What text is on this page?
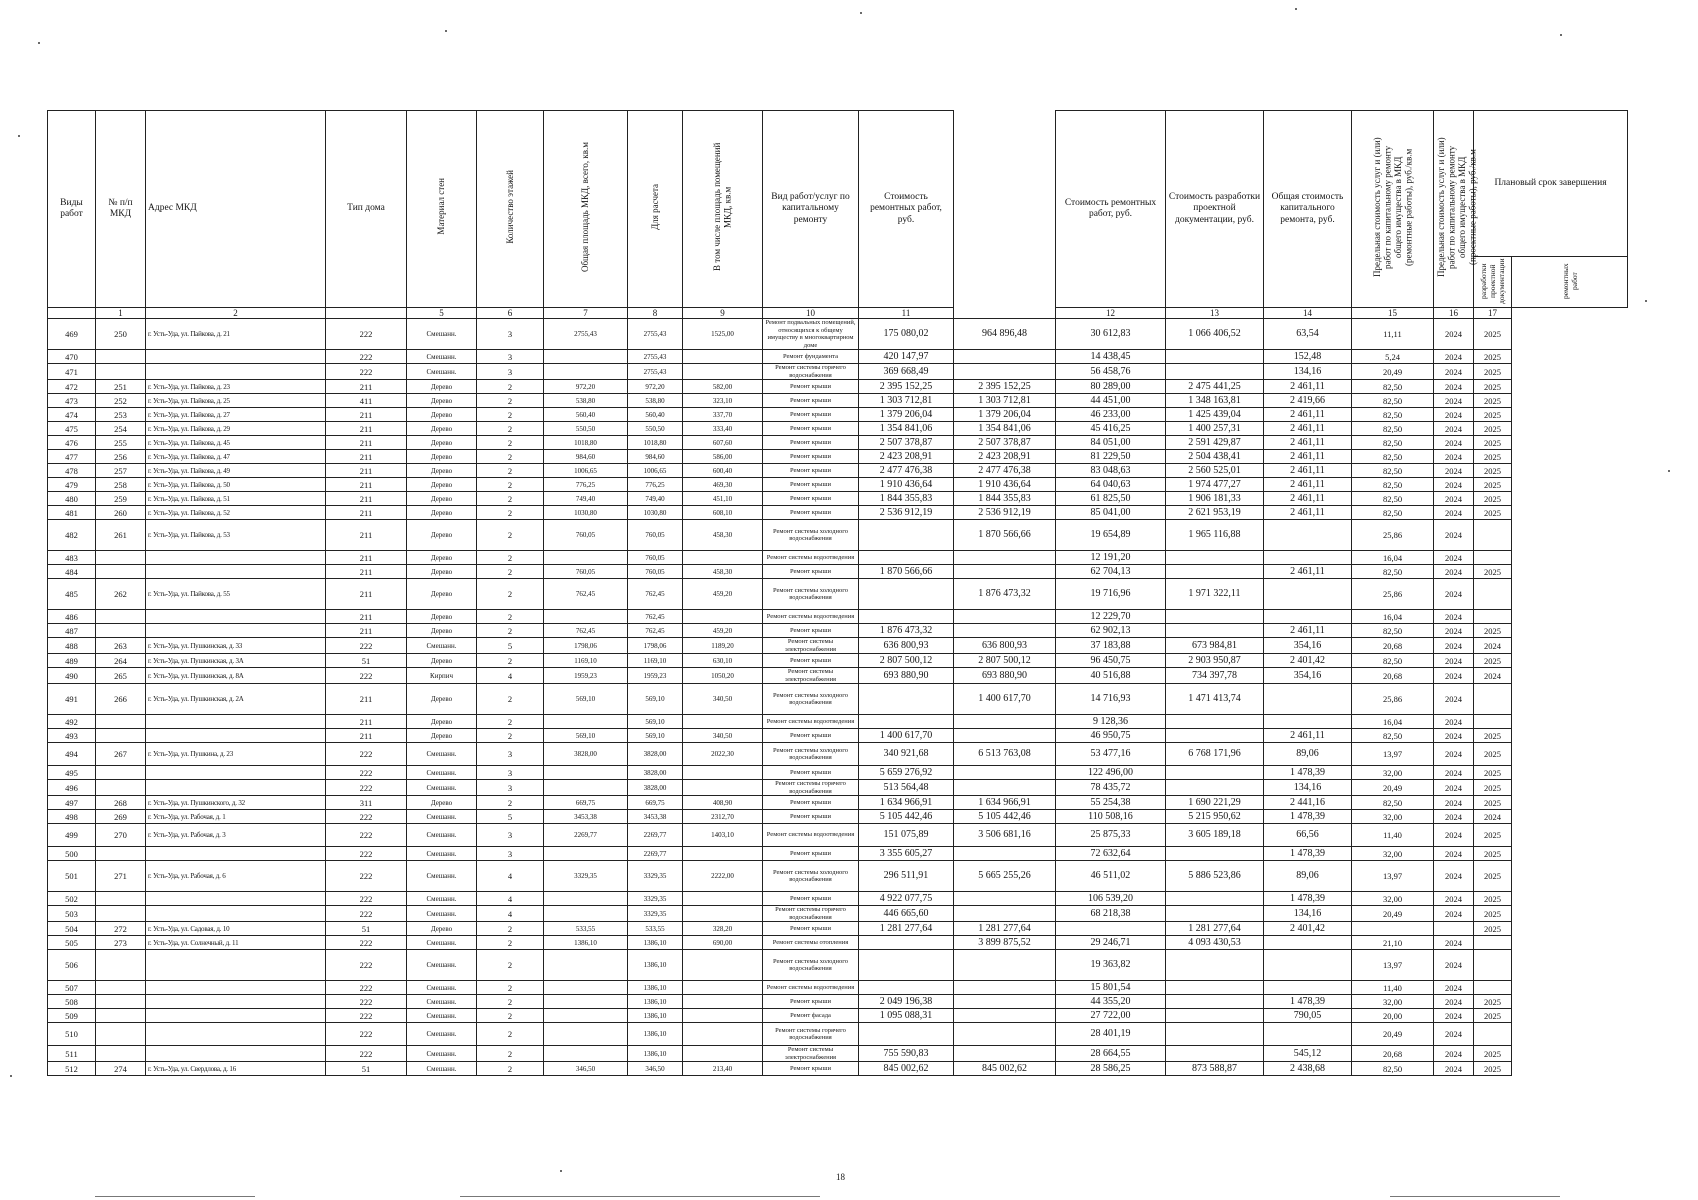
Виды работ	№ п/п МКД	Адрес МКД	Тип дома	Материал стен	Количество этажей	Общая площадь МКД, всего, кв.м	Для расчета		В том числе площадь помещений МКД, кв.м	Вид работ/услуг по капитальному ремонту	Стоимость ремонтных работ, руб.		Стоимость ремонтных работ, руб.	Стоимость разработки проектной документации, руб.	Общая стоимость капитального ремонта, руб.	Предельная стоимость услуг и (или) работ по капитальному ремонту общего имущества в МКД (ремонтные работы), руб./кв.м	Предельная стоимость услуг и (или) работ по капитальному ремонту общего имущества в МКД (проектные работы), руб./кв.м	Плановый срок завершения	
																	разработки проектной документации	ремонтных работ
	1	2		5	6	7	8		9	10	11		12	13	14	15	16	17	
469	250	г. Усть-Уда, ул. Пайкова, д. 21	222	Смешанн.	3	2755,43	2755,43		1525,00	Ремонт подвальных помещений, относящихся к общему имуществу в многоквартирном доме	175 080,02	964 896,48	30 612,83	1 066 406,52	63,54	11,11	2024	2025	
470			222	Смешанн.	3		2755,43			Ремонт фундамента	420 147,97		14 438,45		152,48	5,24	2024	2025	
471			222	Смешанн.	3		2755,43			Ремонт системы горячего водоснабжения	369 668,49		56 458,76		134,16	20,49	2024	2025	
472	251	г. Усть-Уда, ул. Пайкова, д. 23	211	Дерево	2	972,20	972,20		582,00	Ремонт крыши	2 395 152,25	2 395 152,25	80 289,00	2 475 441,25	2 461,11	82,50	2024	2025	
473	252	г. Усть-Уда, ул. Пайкова, д. 25	411	Дерево	2	538,80	538,80		323,10	Ремонт крыши	1 303 712,81	1 303 712,81	44 451,00	1 348 163,81	2 419,66	82,50	2024	2025	
474	253	г. Усть-Уда, ул. Пайкова, д. 27	211	Дерево	2	560,40	560,40		337,70	Ремонт крыши	1 379 206,04	1 379 206,04	46 233,00	1 425 439,04	2 461,11	82,50	2024	2025	
475	254	г. Усть-Уда, ул. Пайкова, д. 29	211	Дерево	2	550,50	550,50		333,40	Ремонт крыши	1 354 841,06	1 354 841,06	45 416,25	1 400 257,31	2 461,11	82,50	2024	2025	
476	255	г. Усть-Уда, ул. Пайкова, д. 45	211	Дерево	2	1018,80	1018,80		607,60	Ремонт крыши	2 507 378,87	2 507 378,87	84 051,00	2 591 429,87	2 461,11	82,50	2024	2025	
477	256	г. Усть-Уда, ул. Пайкова, д. 47	211	Дерево	2	984,60	984,60		586,00	Ремонт крыши	2 423 208,91	2 423 208,91	81 229,50	2 504 438,41	2 461,11	82,50	2024	2025	
478	257	г. Усть-Уда, ул. Пайкова, д. 49	211	Дерево	2	1006,65	1006,65		600,40	Ремонт крыши	2 477 476,38	2 477 476,38	83 048,63	2 560 525,01	2 461,11	82,50	2024	2025	
479	258	г. Усть-Уда, ул. Пайкова, д. 50	211	Дерево	2	776,25	776,25		469,30	Ремонт крыши	1 910 436,64	1 910 436,64	64 040,63	1 974 477,27	2 461,11	82,50	2024	2025	
480	259	г. Усть-Уда, ул. Пайкова, д. 51	211	Дерево	2	749,40	749,40		451,10	Ремонт крыши	1 844 355,83	1 844 355,83	61 825,50	1 906 181,33	2 461,11	82,50	2024	2025	
481	260	г. Усть-Уда, ул. Пайкова, д. 52	211	Дерево	2	1030,80	1030,80		608,10	Ремонт крыши	2 536 912,19	2 536 912,19	85 041,00	2 621 953,19	2 461,11	82,50	2024	2025	
482	261	г. Усть-Уда, ул. Пайкова, д. 53	211	Дерево	2	760,05	760,05		458,30	Ремонт системы холодного водоснабжения		1 870 566,66	19 654,89	1 965 116,88		25,86	2024		
483			211	Дерево	2		760,05			Ремонт системы водоотведения			12 191,20			16,04	2024		
484			211	Дерево	2	760,05	760,05		458,30	Ремонт крыши	1 870 566,66		62 704,13		2 461,11	82,50	2024	2025	
485	262	г. Усть-Уда, ул. Пайкова, д. 55	211	Дерево	2	762,45	762,45		459,20	Ремонт системы холодного водоснабжения		1 876 473,32	19 716,96	1 971 322,11		25,86	2024		
486			211	Дерево	2		762,45			Ремонт системы водоотведения			12 229,70			16,04	2024		
487			211	Дерево	2	762,45	762,45		459,20	Ремонт крыши	1 876 473,32		62 902,13		2 461,11	82,50	2024	2025	
488	263	г. Усть-Уда, ул. Пушкинская, д. 33	222	Смешанн.	5	1798,06	1798,06		1189,20	Ремонт системы электроснабжения	636 800,93	636 800,93	37 183,88	673 984,81	354,16	20,68	2024	2024	
489	264	г. Усть-Уда, ул. Пушкинская, д. 3А	51	Дерево	2	1169,10	1169,10		630,10	Ремонт крыши	2 807 500,12	2 807 500,12	96 450,75	2 903 950,87	2 401,42	82,50	2024	2025	
490	265	г. Усть-Уда, ул. Пушкинская, д. 8А	222	Кирпич	4	1959,23	1959,23		1050,20	Ремонт системы электроснабжения	693 880,90	693 880,90	40 516,88	734 397,78	354,16	20,68	2024	2024	
491	266	г. Усть-Уда, ул. Пушкинская, д. 2А	211	Дерево	2	569,10	569,10		340,50	Ремонт системы холодного водоснабжения		1 400 617,70	14 716,93	1 471 413,74		25,86	2024		
492			211	Дерево	2		569,10			Ремонт системы водоотведения			9 128,36			16,04	2024		
493			211	Дерево	2	569,10	569,10		340,50	Ремонт крыши	1 400 617,70		46 950,75		2 461,11	82,50	2024	2025	
494	267	г. Усть-Уда, ул. Пушкина, д. 23	222	Смешанн.	3	3828,00	3828,00		2022,30	Ремонт системы холодного водоснабжения	340 921,68	6 513 763,08	53 477,16	6 768 171,96	89,06	13,97	2024	2025	
495			222	Смешанн.	3		3828,00			Ремонт крыши	5 659 276,92		122 496,00		1 478,39	32,00	2024	2025	
496			222	Смешанн.	3		3828,00			Ремонт системы горячего водоснабжения	513 564,48		78 435,72		134,16	20,49	2024	2025	
497	268	г. Усть-Уда, ул. Пушкинского, д. 32	311	Дерево	2	669,75	669,75		408,90	Ремонт крыши	1 634 966,91	1 634 966,91	55 254,38	1 690 221,29	2 441,16	82,50	2024	2025	
498	269	г. Усть-Уда, ул. Рабочая, д. 1	222	Смешанн.	5	3453,38	3453,38		2312,70	Ремонт крыши	5 105 442,46	5 105 442,46	110 508,16	5 215 950,62	1 478,39	32,00	2024	2024	
499	270	г. Усть-Уда, ул. Рабочая, д. 3	222	Смешанн.	3	2269,77	2269,77		1403,10	Ремонт системы водоотведения	151 075,89	3 506 681,16	25 875,33	3 605 189,18	66,56	11,40	2024	2025	
500			222	Смешанн.	3		2269,77			Ремонт крыши	3 355 605,27		72 632,64		1 478,39	32,00	2024	2025	
501	271	г. Усть-Уда, ул. Рабочая, д. 6	222	Смешанн.	4	3329,35	3329,35		2222,00	Ремонт системы холодного водоснабжения	296 511,91	5 665 255,26	46 511,02	5 886 523,86	89,06	13,97	2024	2025	
502			222	Смешанн.	4		3329,35			Ремонт крыши	4 922 077,75		106 539,20		1 478,39	32,00	2024	2025	
503			222	Смешанн.	4		3329,35			Ремонт системы горячего водоснабжения	446 665,60		68 218,38		134,16	20,49	2024	2025	
504	272	г. Усть-Уда, ул. Садовая, д. 10	51	Дерево	2	533,55	533,55		328,20	Ремонт крыши	1 281 277,64	1 281 277,64		1 281 277,64	2 401,42			2025	
505	273	г. Усть-Уда, ул. Солнечный, д. 11	222	Смешанн.	2	1386,10	1386,10		690,00	Ремонт системы отопления		3 899 875,52	29 246,71	4 093 430,53		21,10	2024		
506			222	Смешанн.	2		1386,10			Ремонт системы холодного водоснабжения			19 363,82			13,97	2024		
507			222	Смешанн.	2		1386,10			Ремонт системы водоотведения			15 801,54			11,40	2024		
508			222	Смешанн.	2		1386,10			Ремонт крыши	2 049 196,38		44 355,20		1 478,39	32,00	2024	2025	
509			222	Смешанн.	2		1386,10			Ремонт фасада	1 095 088,31		27 722,00		790,05	20,00	2024	2025	
510			222	Смешанн.	2		1386,10			Ремонт системы горячего водоснабжения			28 401,19			20,49	2024		
511			222	Смешанн.	2		1386,10			Ремонт системы электроснабжения	755 590,83		28 664,55		545,12	20,68	2024	2025	
512	274	г. Усть-Уда, ул. Свердлова, д. 16	51	Смешанн.	2	346,50	346,50		213,40	Ремонт крыши	845 002,62	845 002,62	28 586,25	873 588,87	2 438,68	82,50	2024	2025	
18
